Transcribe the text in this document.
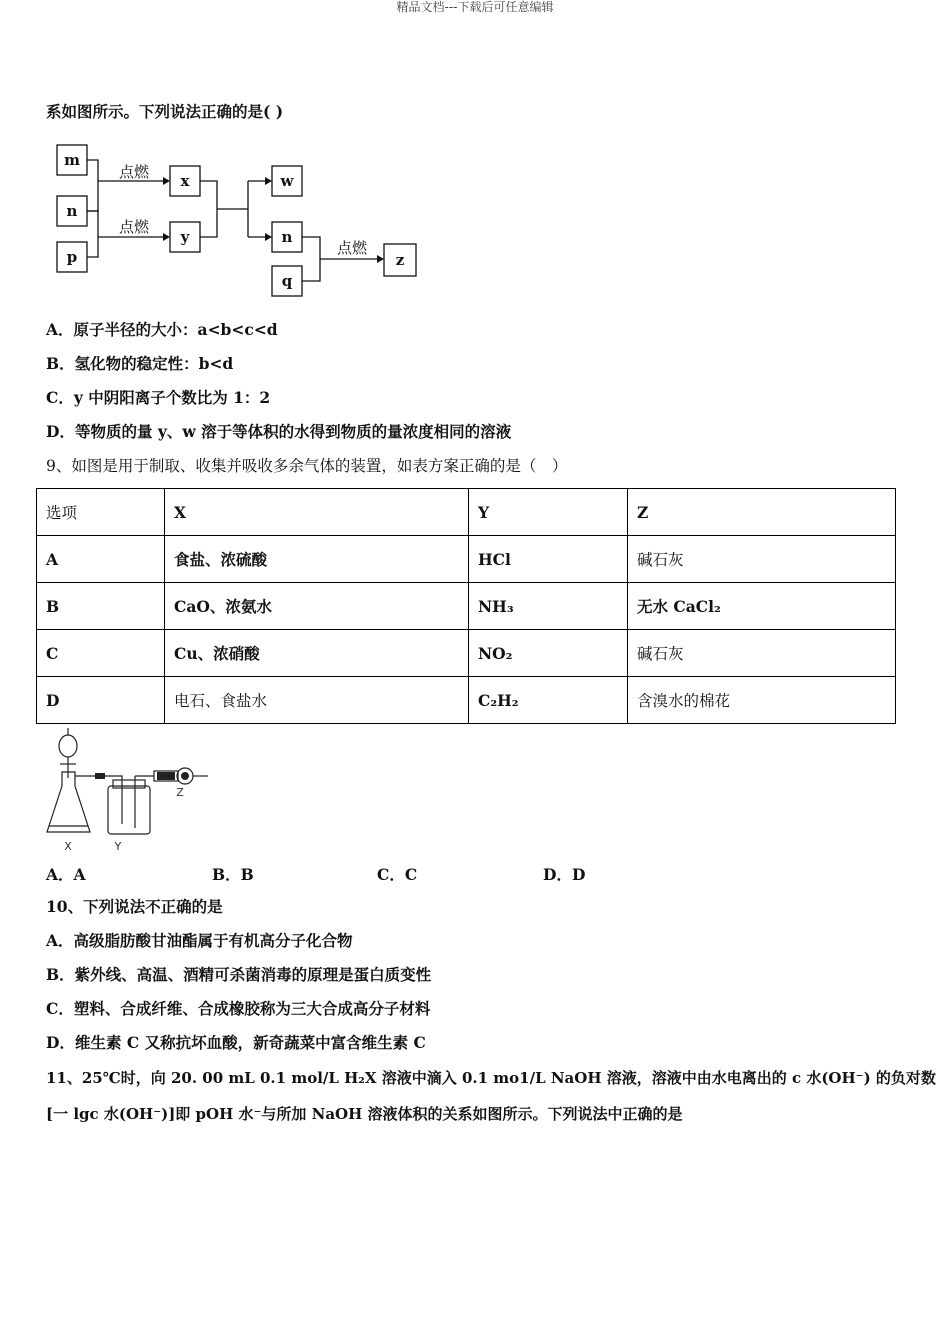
精品文档---下载后可任意编辑
系如图所示。下列说法正确的是( )
m
n
p
x
y
w
n
q
z
点燃
点燃
点燃
A．原子半径的大小：a<b<c<d
B．氢化物的稳定性：b<d
C．y 中阴阳离子个数比为 1：2
D．等物质的量 y、w 溶于等体积的水得到物质的量浓度相同的溶液
9、如图是用于制取、收集并吸收多余气体的装置，如表方案正确的是（　）
选项	X	Y	Z
A	食盐、浓硫酸	HCl	碱石灰
B	CaO、浓氨水	NH₃	无水 CaCl₂
C	Cu、浓硝酸	NO₂	碱石灰
D	电石、食盐水	C₂H₂	含溴水的棉花
X	Y
Z
A．A	B．B	C．C	D．D
10、下列说法不正确的是
A．高级脂肪酸甘油酯属于有机高分子化合物
B．紫外线、高温、酒精可杀菌消毒的原理是蛋白质变性
C．塑料、合成纤维、合成橡胶称为三大合成高分子材料
D．维生素 C 又称抗坏血酸，新奇蔬菜中富含维生素 C
11、25℃时，向 20. 00 mL 0.1 mol/L H₂X 溶液中滴入 0.1 mo1/L NaOH 溶液，溶液中由水电离出的 c 水(OH⁻) 的负对数
[一 lgc 水(OH⁻)]即 pOH 水⁻与所加 NaOH 溶液体积的关系如图所示。下列说法中正确的是
